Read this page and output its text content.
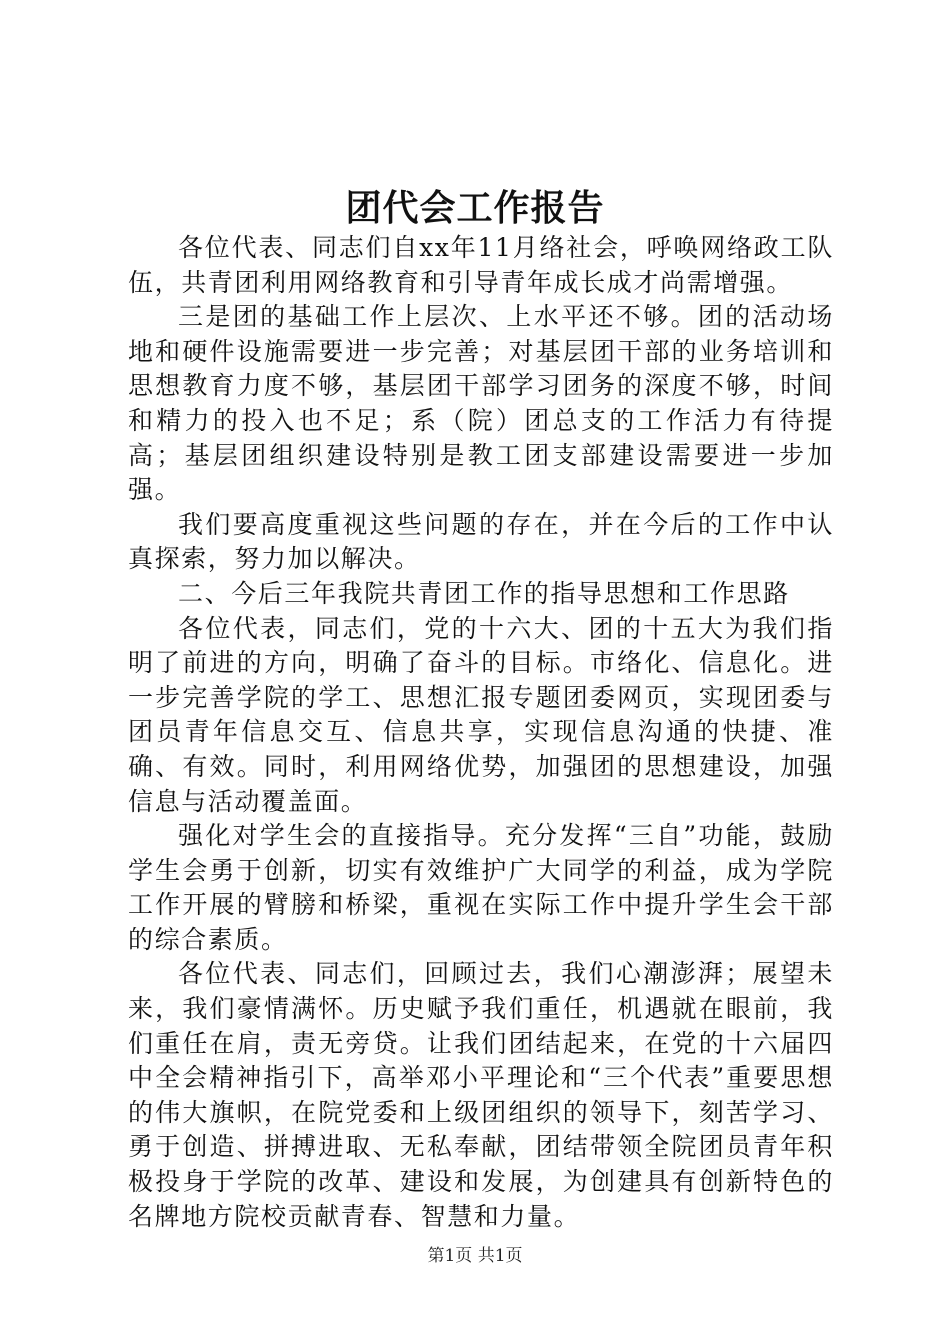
团代会工作报告

各位代表、同志们自xx年11月络社会，呼唤网络政工队伍，共青团利用网络教育和引导青年成长成才尚需增强。

三是团的基础工作上层次、上水平还不够。团的活动场地和硬件设施需要进一步完善；对基层团干部的业务培训和思想教育力度不够，基层团干部学习团务的深度不够，时间和精力的投入也不足；系（院）团总支的工作活力有待提高；基层团组织建设特别是教工团支部建设需要进一步加强。

我们要高度重视这些问题的存在，并在今后的工作中认真探索，努力加以解决。

二、今后三年我院共青团工作的指导思想和工作思路

各位代表，同志们，党的十六大、团的十五大为我们指明了前进的方向，明确了奋斗的目标。市络化、信息化。进一步完善学院的学工、思想汇报专题团委网页，实现团委与团员青年信息交互、信息共享，实现信息沟通的快捷、准确、有效。同时，利用网络优势，加强团的思想建设，加强信息与活动覆盖面。

强化对学生会的直接指导。充分发挥“三自”功能，鼓励学生会勇于创新，切实有效维护广大同学的利益，成为学院工作开展的臂膀和桥梁，重视在实际工作中提升学生会干部的综合素质。

各位代表、同志们，回顾过去，我们心潮澎湃；展望未来，我们豪情满怀。历史赋予我们重任，机遇就在眼前，我们重任在肩，责无旁贷。让我们团结起来，在党的十六届四中全会精神指引下，高举邓小平理论和“三个代表”重要思想的伟大旗帜，在院党委和上级团组织的领导下，刻苦学习、勇于创造、拼搏进取、无私奉献，团结带领全院团员青年积极投身于学院的改革、建设和发展，为创建具有创新特色的名牌地方院校贡献青春、智慧和力量。

第1页 共1页
